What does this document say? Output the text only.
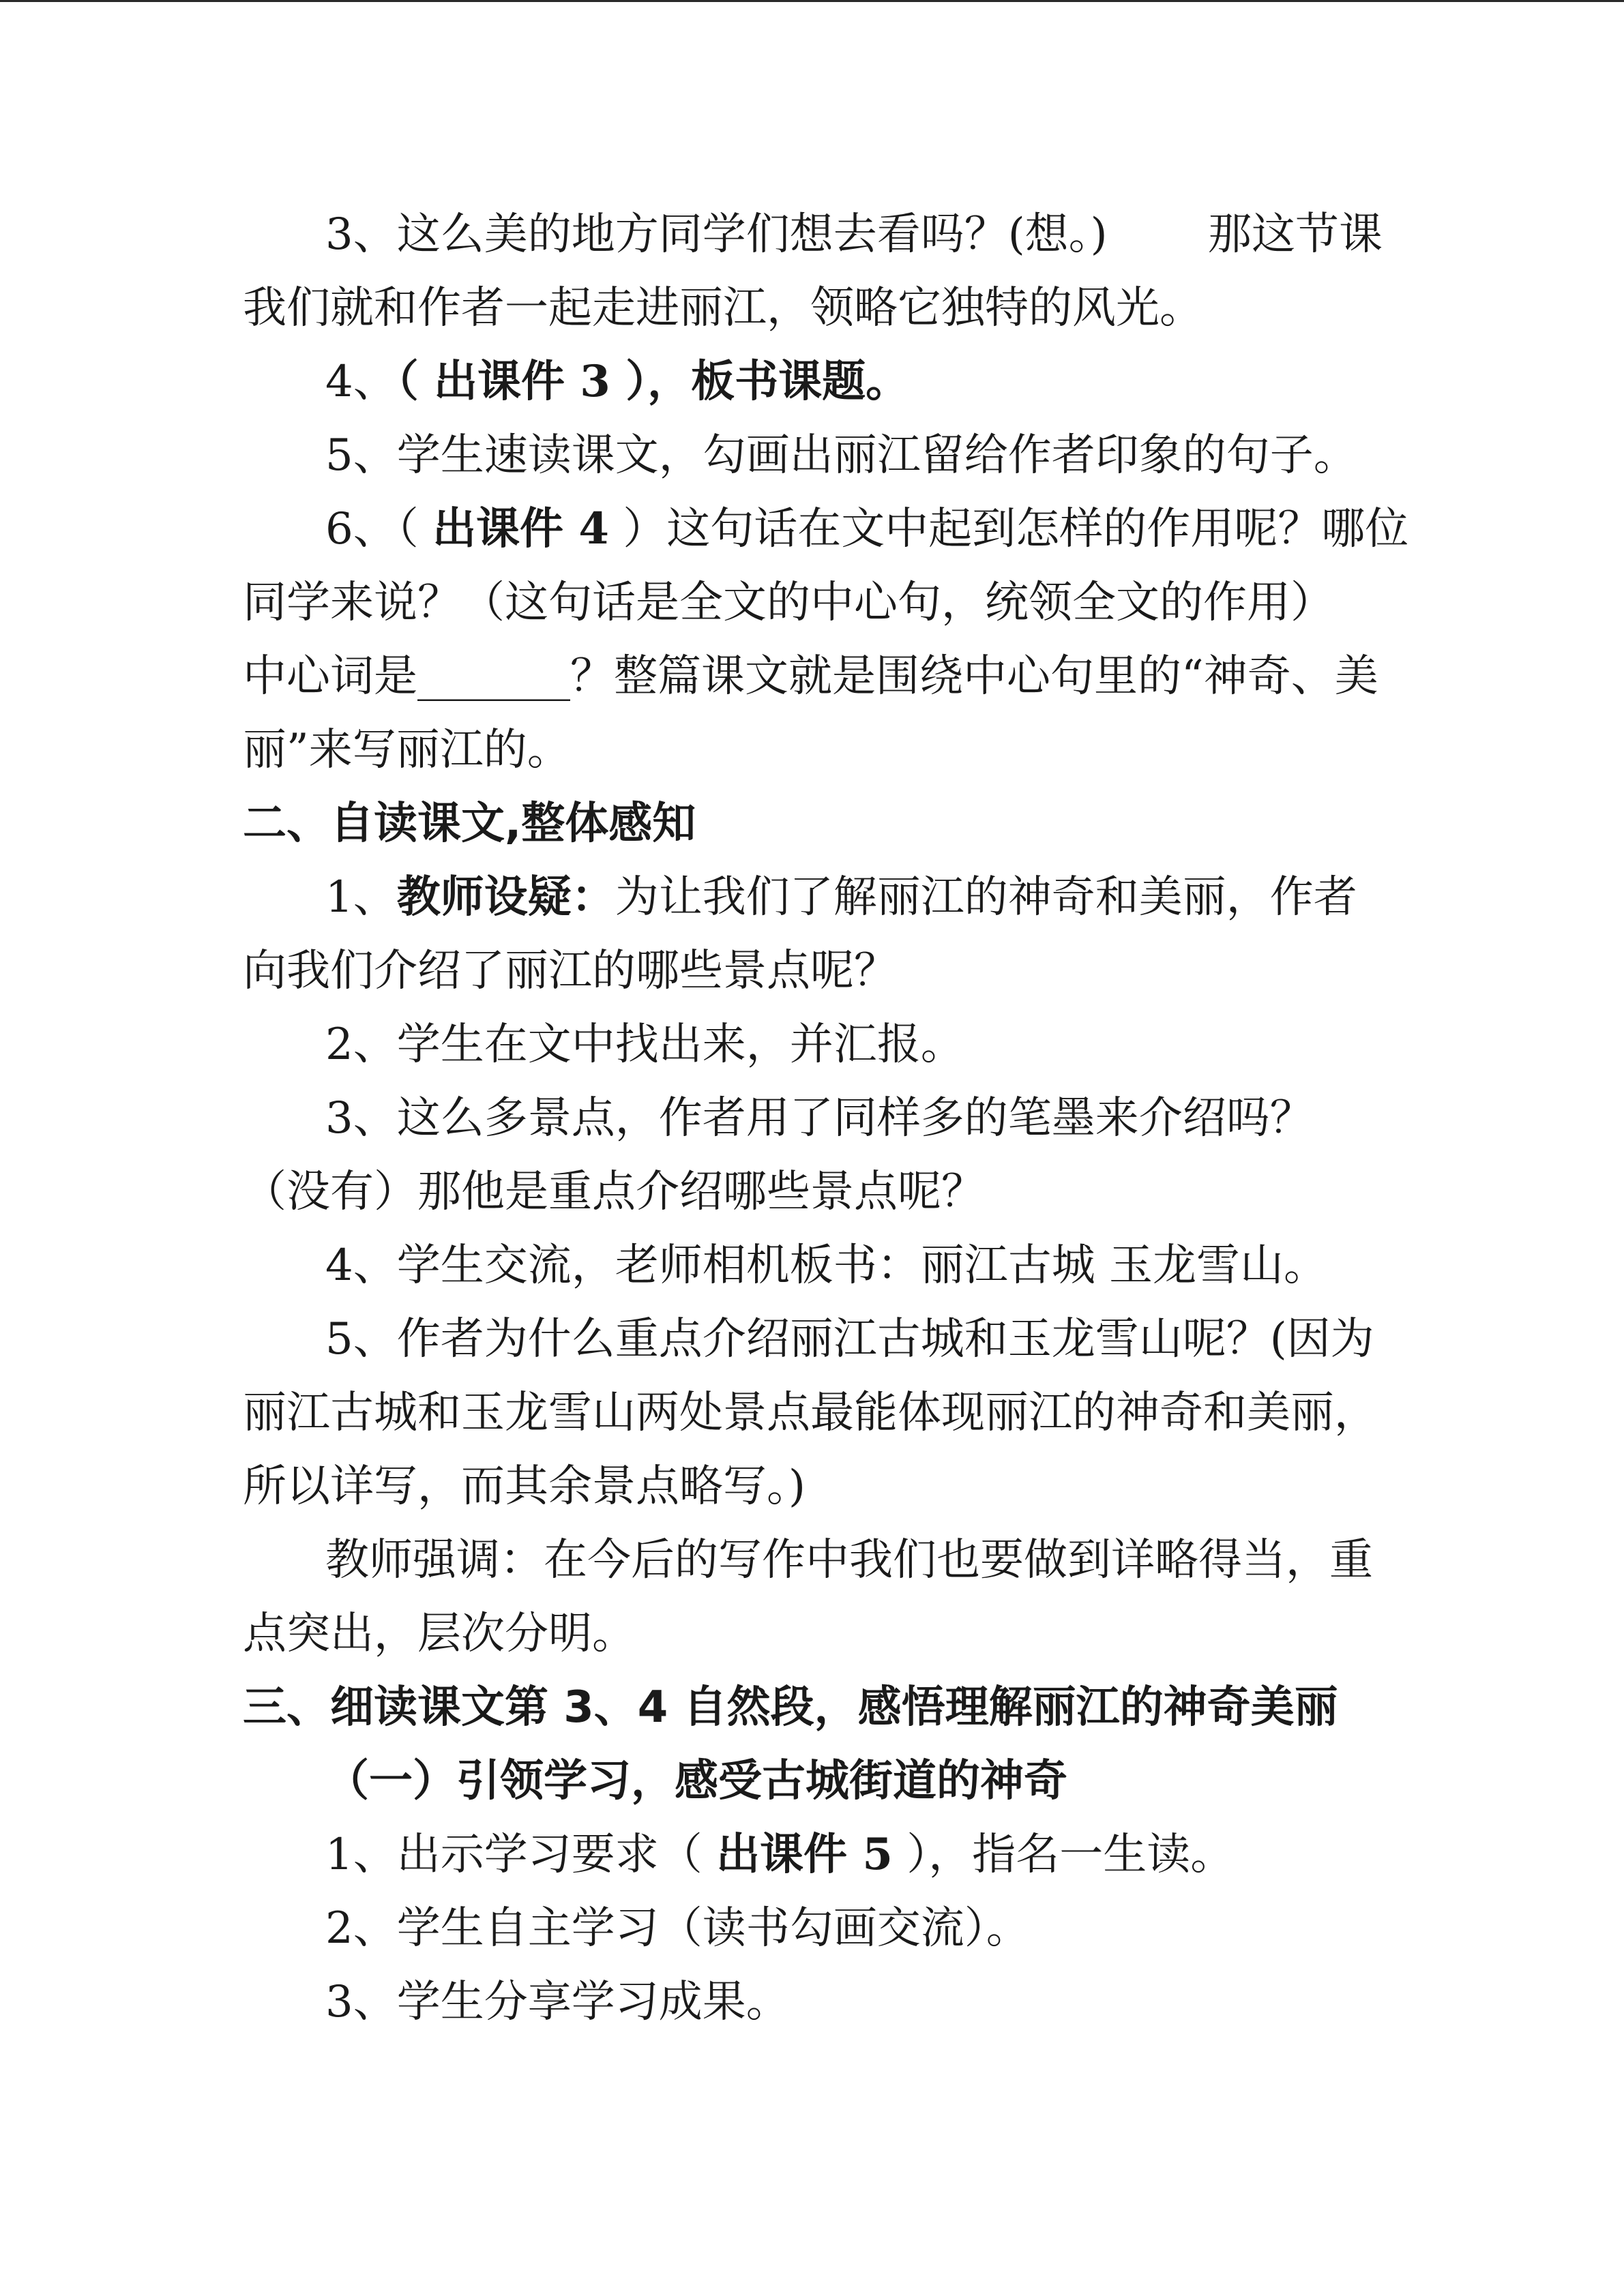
3、这么美的地方同学们想去看吗？(想。) 那这节课
我们就和作者一起走进丽江，领略它独特的风光。
4、（ 出课件 3 ），板书课题。
5、学生速读课文，勾画出丽江留给作者印象的句子。
6、（ 出课件 4 ）这句话在文中起到怎样的作用呢？哪位
同学来说？（这句话是全文的中心句，统领全文的作用）
中心词是_______？整篇课文就是围绕中心句里的“神奇、美
丽”来写丽江的。
二、自读课文,整体感知
1、教师设疑：为让我们了解丽江的神奇和美丽，作者
向我们介绍了丽江的哪些景点呢？
2、学生在文中找出来，并汇报。
3、这么多景点，作者用了同样多的笔墨来介绍吗？
（没有）那他是重点介绍哪些景点呢？
4、学生交流，老师相机板书：丽江古城 玉龙雪山。
5、作者为什么重点介绍丽江古城和玉龙雪山呢？(因为
丽江古城和玉龙雪山两处景点最能体现丽江的神奇和美丽，
所以详写，而其余景点略写。)
教师强调：在今后的写作中我们也要做到详略得当，重
点突出，层次分明。
三、细读课文第 3、4 自然段，感悟理解丽江的神奇美丽
（一）引领学习，感受古城街道的神奇
1、出示学习要求（ 出课件 5 ），指名一生读。
2、学生自主学习（读书勾画交流）。
3、学生分享学习成果。
